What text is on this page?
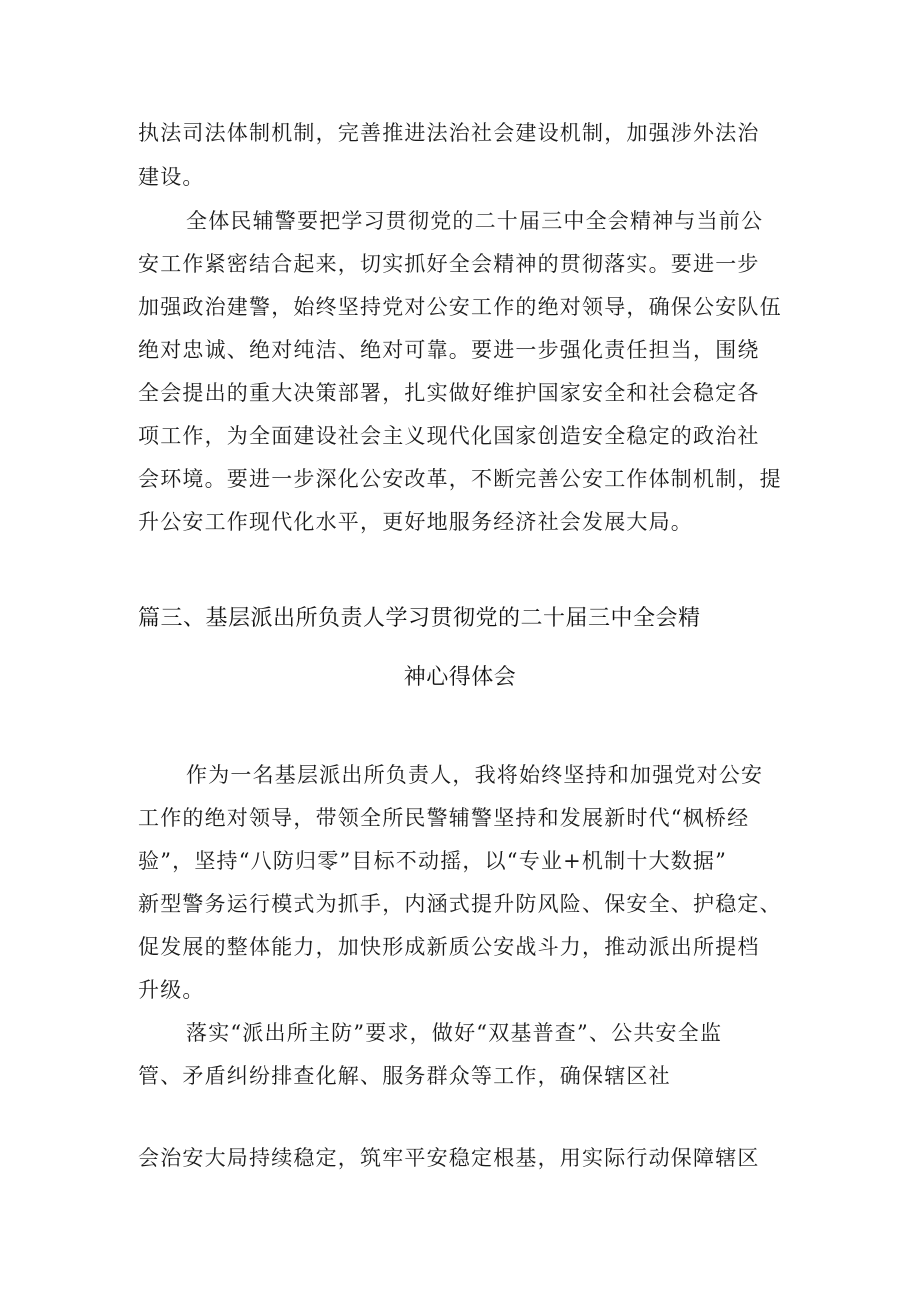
执法司法体制机制，完善推进法治社会建设机制，加强涉外法治
建设。
全体民辅警要把学习贯彻党的二十届三中全会精神与当前公
安工作紧密结合起来，切实抓好全会精神的贯彻落实。要进一步
加强政治建警，始终坚持党对公安工作的绝对领导，确保公安队伍
绝对忠诚、绝对纯洁、绝对可靠。要进一步强化责任担当，围绕
全会提出的重大决策部署，扎实做好维护国家安全和社会稳定各
项工作，为全面建设社会主义现代化国家创造安全稳定的政治社
会环境。要进一步深化公安改革，不断完善公安工作体制机制，提
升公安工作现代化水平，更好地服务经济社会发展大局。
篇三、基层派出所负责人学习贯彻党的二十届三中全会精
神心得体会
作为一名基层派出所负责人，我将始终坚持和加强党对公安
工作的绝对领导，带领全所民警辅警坚持和发展新时代“枫桥经
验”，坚持“八防归零”目标不动摇，以“专业+机制十大数据”
新型警务运行模式为抓手，内涵式提升防风险、保安全、护稳定、
促发展的整体能力，加快形成新质公安战斗力，推动派出所提档
升级。
落实“派出所主防”要求，做好“双基普查”、公共安全监
管、矛盾纠纷排查化解、服务群众等工作，确保辖区社
会治安大局持续稳定，筑牢平安稳定根基，用实际行动保障辖区
